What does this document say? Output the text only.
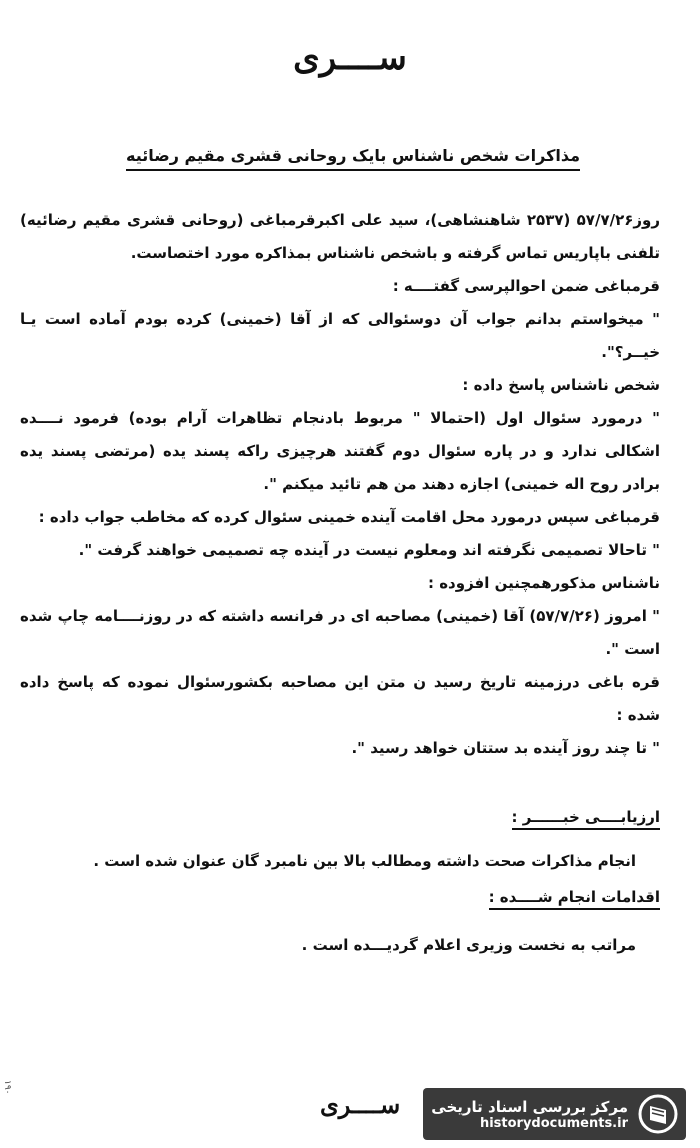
ســــری
مذاکرات شخص ناشناس بایک روحانی قشری مقیم رضائیه

روز۵۷/۷/۲۶ (۲۵۳۷ شاهنشاهی)، سید علی اکبرقرمباغی (روحانی قشری مقیم رضائیه) تلفنی باپاریس تماس گرفته و باشخص ناشناس بمذاکره مورد اختصاست.

قرمباغی ضمن احوالپرسی گفتــــه :

" میخواستم بدانم جواب آن دوسئوالی که از آقا (خمینی) کرده بودم آماده است یـا خیــر؟".

شخص ناشناس پاسخ داده :

" درمورد سئوال اول (احتمالا " مربوط بادنجام تظاهرات آرام بوده) فرمود نــــده اشکالی ندارد و در پاره سئوال دوم گفتند هرچیزی راکه پسند یده (مرتضی پسند یده برادر روح اله خمینی) اجازه دهند من هم تائید میکنم ".

قرمباغی سپس درمورد محل اقامت آینده خمینی سئوال کرده که مخاطب جواب داده :

" تاحالا تصمیمی نگرفته اند ومعلوم نیست در آینده چه تصمیمی خواهند گرفت ".

ناشناس مذکورهمچنین افزوده :

" امروز (۵۷/۷/۲۶) آقا (خمینی) مصاحبه ای در فرانسه داشته که در روزنــــامه چاپ شده است ".

قره باغی درزمینه تاریخ رسید ن متن این مصاحبه بکشورسئوال نموده که پاسخ داده شده :

" تا چند روز آینده بد ستتان خواهد رسید ".

ارزیابــــی خبــــــر :
انجام مذاکرات صحت داشته ومطالب بالا بین نامبرد گان عنوان شده است .
اقدامات انجام شــــده :
مراتب به نخست وزیری اعلام گردیـــده است .
ســــری
۱۹۰
مرکز بررسی اسناد تاریخی
historydocuments.ir
